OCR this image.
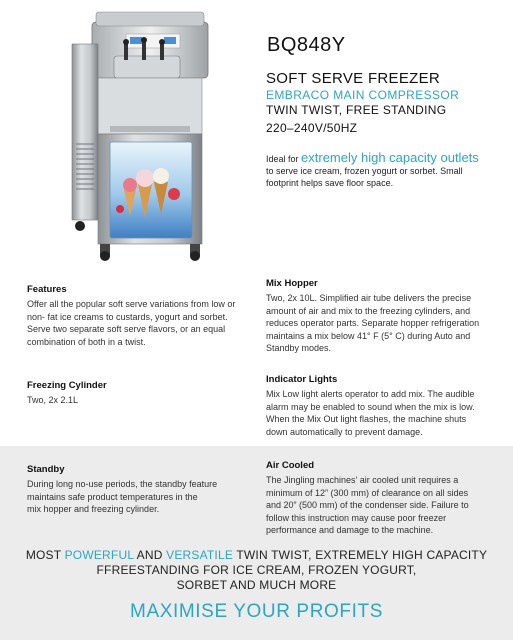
BQ848Y
SOFT SERVE FREEZER
EMBRACO MAIN COMPRESSOR
TWIN TWIST, FREE STANDING
220–240V/50HZ
Ideal for extremely high capacity outlets
to serve ice cream, frozen yogurt or sorbet. Small
footprint helps save floor space.
Features
Offer all the popular soft serve variations from low or
non- fat ice creams to custards, yogurt and sorbet.
Serve two separate soft serve flavors, or an equal
combination of both in a twist.
Freezing Cylinder
Two, 2x 2.1L
Mix Hopper
Two, 2x 10L. Simplified air tube delivers the precise
amount of air and mix to the freezing cylinders, and
reduces operator parts. Separate hopper refrigeration
maintains a mix below 41° F (5° C) during Auto and
Standby modes.
Indicator Lights
Mix Low light alerts operator to add mix. The audible
alarm may be enabled to sound when the mix is low.
When the Mix Out light flashes, the machine shuts
down automatically to prevent damage.
Standby
During long no-use periods, the standby feature
maintains safe product temperatures in the
mix hopper and freezing cylinder.
Air Cooled
The Jingling machines’ air cooled unit requires a
minimum of 12” (300 mm) of clearance on all sides
and 20” (500 mm) of the condenser side. Failure to
follow this instruction may cause poor freezer
performance and damage to the machine.
MOST POWERFUL AND VERSATILE TWIN TWIST, EXTREMELY HIGH CAPACITY
FFREESTANDING FOR ICE CREAM, FROZEN YOGURT,
SORBET AND MUCH MORE
MAXIMISE YOUR PROFITS
